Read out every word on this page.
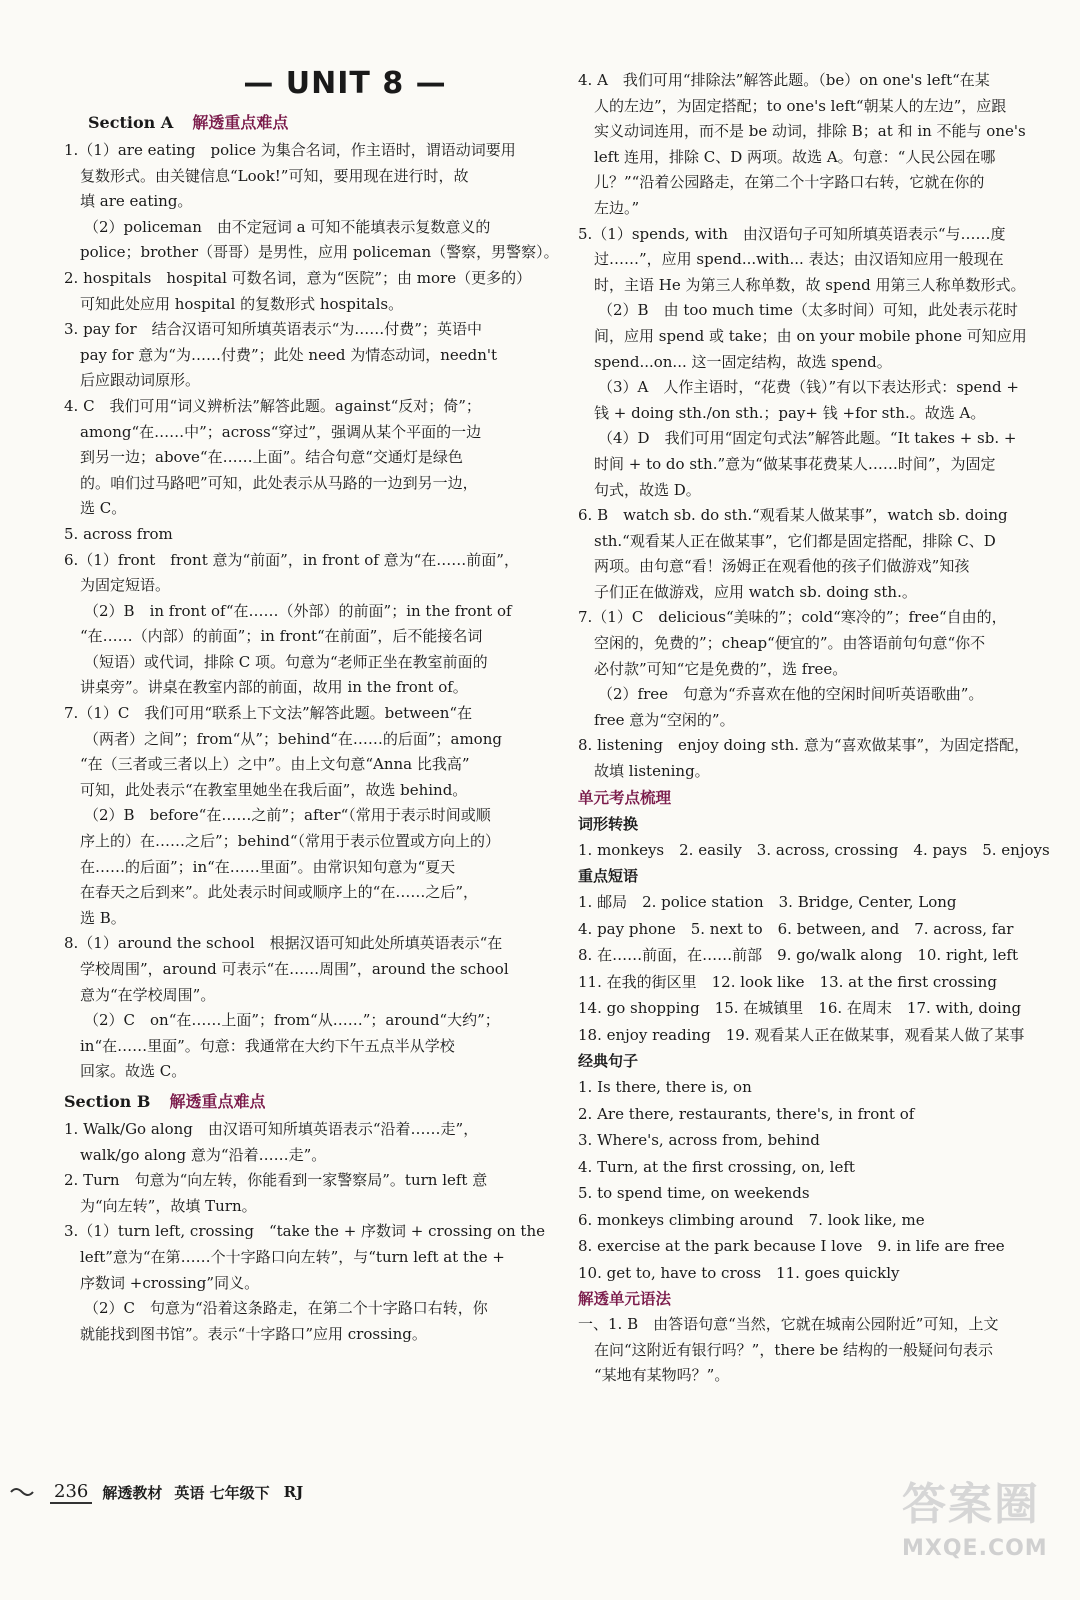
— UNIT 8 —
Section A 解透重点难点
1.（1）are eating　police 为集合名词，作主语时，谓语动词要用
复数形式。由关键信息“Look!”可知，要用现在进行时，故
填 are eating。
（2）policeman　由不定冠词 a 可知不能填表示复数意义的
police；brother（哥哥）是男性，应用 policeman（警察，男警察）。
2. hospitals　hospital 可数名词，意为“医院”；由 more（更多的）
可知此处应用 hospital 的复数形式 hospitals。
3. pay for　结合汉语可知所填英语表示“为……付费”；英语中
pay for 意为“为……付费”；此处 need 为情态动词，needn't
后应跟动词原形。
4. C　我们可用“词义辨析法”解答此题。against“反对；倚”；
among“在……中”；across“穿过”，强调从某个平面的一边
到另一边；above“在……上面”。结合句意“交通灯是绿色
的。咱们过马路吧”可知，此处表示从马路的一边到另一边，
选 C。
5. across from
6.（1）front　front 意为“前面”，in front of 意为“在……前面”，
为固定短语。
（2）B　in front of“在……（外部）的前面”；in the front of
“在……（内部）的前面”；in front“在前面”，后不能接名词
（短语）或代词，排除 C 项。句意为“老师正坐在教室前面的
讲桌旁”。讲桌在教室内部的前面，故用 in the front of。
7.（1）C　我们可用“联系上下文法”解答此题。between“在
（两者）之间”；from“从”；behind“在……的后面”；among
“在（三者或三者以上）之中”。由上文句意“Anna 比我高”
可知，此处表示“在教室里她坐在我后面”，故选 behind。
（2）B　before“在……之前”；after“（常用于表示时间或顺
序上的）在……之后”；behind“（常用于表示位置或方向上的）
在……的后面”；in“在……里面”。由常识知句意为“夏天
在春天之后到来”。此处表示时间或顺序上的“在……之后”，
选 B。
8.（1）around the school　根据汉语可知此处所填英语表示“在
学校周围”，around 可表示“在……周围”，around the school
意为“在学校周围”。
（2）C　on“在……上面”；from“从……”；around“大约”；
in“在……里面”。句意：我通常在大约下午五点半从学校
回家。故选 C。
Section B 解透重点难点
1. Walk/Go along　由汉语可知所填英语表示“沿着……走”，
walk/go along 意为“沿着……走”。
2. Turn　句意为“向左转，你能看到一家警察局”。turn left 意
为“向左转”，故填 Turn。
3.（1）turn left, crossing　“take the + 序数词 + crossing on the
left”意为“在第……个十字路口向左转”，与“turn left at the +
序数词 +crossing”同义。
（2）C　句意为“沿着这条路走，在第二个十字路口右转，你
就能找到图书馆”。表示“十字路口”应用 crossing。
4. A　我们可用“排除法”解答此题。（be）on one's left“在某
人的左边”，为固定搭配；to one's left“朝某人的左边”，应跟
实义动词连用，而不是 be 动词，排除 B；at 和 in 不能与 one's
left 连用，排除 C、D 两项。故选 A。句意：“人民公园在哪
儿？”“沿着公园路走，在第二个十字路口右转，它就在你的
左边。”
5.（1）spends, with　由汉语句子可知所填英语表示“与……度
过……”，应用 spend...with... 表达；由汉语知应用一般现在
时，主语 He 为第三人称单数，故 spend 用第三人称单数形式。
（2）B　由 too much time（太多时间）可知，此处表示花时
间，应用 spend 或 take；由 on your mobile phone 可知应用
spend...on... 这一固定结构，故选 spend。
（3）A　人作主语时，“花费（钱）”有以下表达形式：spend +
钱 + doing sth./on sth.；pay+ 钱 +for sth.。故选 A。
（4）D　我们可用“固定句式法”解答此题。“It takes + sb. +
时间 + to do sth.”意为“做某事花费某人……时间”，为固定
句式，故选 D。
6. B　watch sb. do sth.“观看某人做某事”，watch sb. doing
sth.“观看某人正在做某事”，它们都是固定搭配，排除 C、D
两项。由句意“看！汤姆正在观看他的孩子们做游戏”知孩
子们正在做游戏，应用 watch sb. doing sth.。
7.（1）C　delicious“美味的”；cold“寒冷的”；free“自由的，
空闲的，免费的”；cheap“便宜的”。由答语前句句意“你不
必付款”可知“它是免费的”，选 free。
（2）free　句意为“乔喜欢在他的空闲时间听英语歌曲”。
free 意为“空闲的”。
8. listening　enjoy doing sth. 意为“喜欢做某事”，为固定搭配，
故填 listening。
单元考点梳理
词形转换
1. monkeys　2. easily　3. across, crossing　4. pays　5. enjoys
重点短语
1. 邮局　2. police station　3. Bridge, Center, Long
4. pay phone　5. next to　6. between, and　7. across, far
8. 在……前面，在……前部　9. go/walk along　10. right, left
11. 在我的街区里　12. look like　13. at the first crossing
14. go shopping　15. 在城镇里　16. 在周末　17. with, doing
18. enjoy reading　19. 观看某人正在做某事，观看某人做了某事
经典句子
1. Is there, there is, on
2. Are there, restaurants, there's, in front of
3. Where's, across from, behind
4. Turn, at the first crossing, on, left
5. to spend time, on weekends
6. monkeys climbing around　7. look like, me
8. exercise at the park because I love　9. in life are free
10. get to, have to cross　11. goes quickly
解透单元语法
一、1. B　由答语句意“当然，它就在城南公园附近”可知，上文
在问“这附近有银行吗？”，there be 结构的一般疑问句表示
“某地有某物吗？”。
236 解透教材 英语 七年级下 RJ	答案圈
MXQE.COM
